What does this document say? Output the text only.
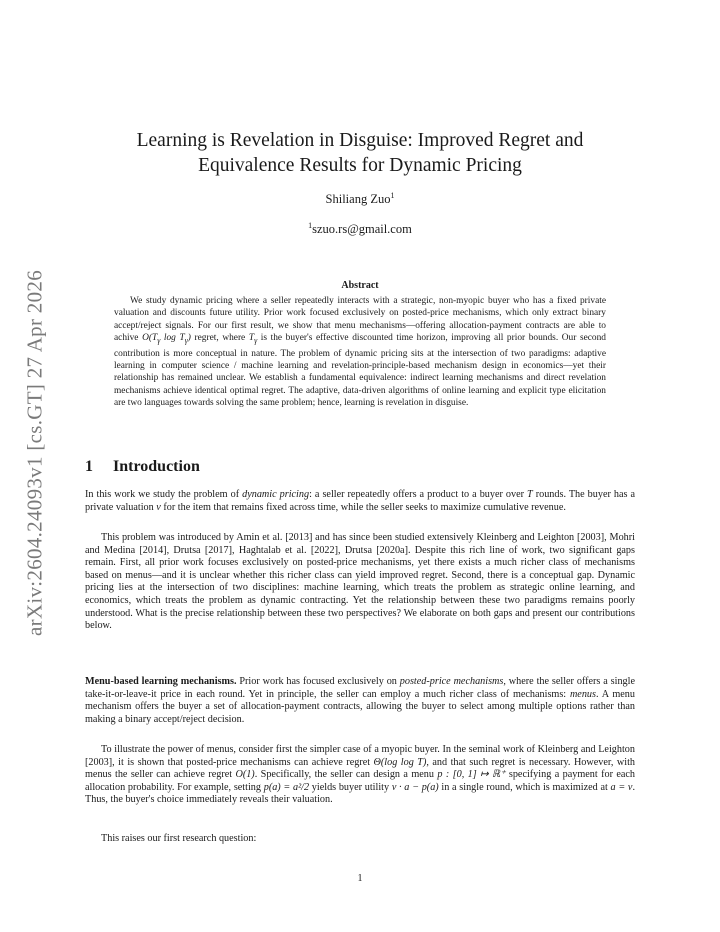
arXiv:2604.24093v1 [cs.GT] 27 Apr 2026
Learning is Revelation in Disguise: Improved Regret and
Equivalence Results for Dynamic Pricing
Shiliang Zuo$^1$
$^1$szuo.rs@gmail.com
Abstract

We study dynamic pricing where a seller repeatedly interacts with a strategic, non-myopic buyer who has a fixed private valuation and discounts future utility. Prior work focused exclusively on posted-price mechanisms, which only extract binary accept/reject signals. For our first result, we show that menu mechanisms—offering allocation-payment contracts are able to achive $O(T_\gamma$ $\log T_\gamma$) regret, where $T_\gamma$ is the buyer's effective discounted time horizon, improving all prior bounds. Our second contribution is more conceptual in nature. The problem of dynamic pricing sits at the intersection of two paradigms: adaptive learning in computer science / machine learning and revelation-principle-based mechanism design in economics—yet their relationship has remained unclear. We establish a fundamental equivalence: indirect learning mechanisms and direct revelation mechanisms achieve identical optimal regret. The adaptive, data-driven algorithms of online learning and explicit type elicitation are two languages towards solving the same problem; hence, learning is revelation in disguise.

1 Introduction

In this work we study the problem of dynamic pricing: a seller repeatedly offers a product to a buyer over T rounds. The buyer has a private valuation v for the item that remains fixed across time, while the seller seeks to maximize cumulative revenue.

This problem was introduced by Amin et al. [2013] and has since been studied extensively Kleinberg and Leighton [2003], Mohri and Medina [2014], Drutsa [2017], Haghtalab et al. [2022], Drutsa [2020a]. Despite this rich line of work, two significant gaps remain. First, all prior work focuses exclusively on posted-price mechanisms, yet there exists a much richer class of mechanisms based on menus—and it is unclear whether this richer class can yield improved regret. Second, there is a conceptual gap. Dynamic pricing lies at the intersection of two disciplines: machine learning, which treats the problem as strategic online learning, and economics, which treats the problem as dynamic contracting. Yet the relationship between these two paradigms remains poorly understood. What is the precise relationship between these two perspectives? We elaborate on both gaps and present our contributions below.

Menu-based learning mechanisms. Prior work has focused exclusively on posted-price mechanisms, where the seller offers a single take-it-or-leave-it price in each round. Yet in principle, the seller can employ a much richer class of mechanisms: menus. A menu mechanism offers the buyer a set of allocation-payment contracts, allowing the buyer to select among multiple options rather than making a binary accept/reject decision.

To illustrate the power of menus, consider first the simpler case of a myopic buyer. In the seminal work of Kleinberg and Leighton [2003], it is shown that posted-price mechanisms can achieve regret Θ(log log T), and that such regret is necessary. However, with menus the seller can achieve regret O(1). Specifically, the seller can design a menu p : [0, 1] ↦ ℝ⁺ specifying a payment for each allocation probability. For example, setting p(a) = a²/2 yields buyer utility v · a − p(a) in a single round, which is maximized at a = v. Thus, the buyer's choice immediately reveals their valuation.

This raises our first research question:

1
